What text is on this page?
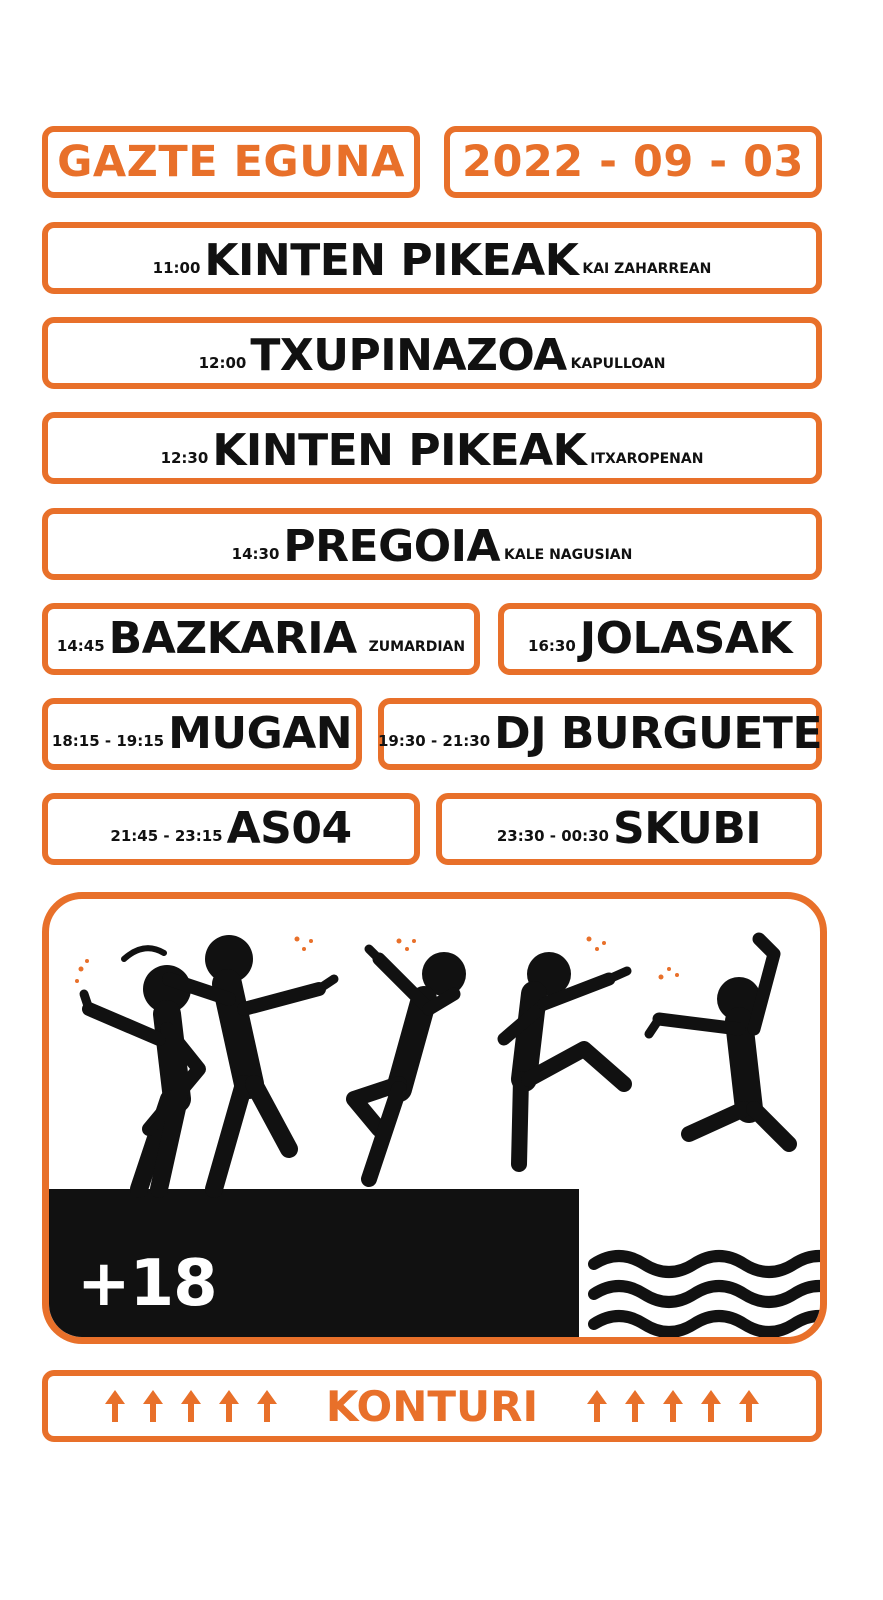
GAZTE EGUNA 2022 - 09 - 03
11:00 KINTEN PIKEAK KAI ZAHARREAN
12:00 TXUPINAZOA KAPULLOAN
12:30 KINTEN PIKEAK ITXAROPENAN
14:30 PREGOIA KALE NAGUSIAN
14:45 BAZKARIA ZUMARDIAN	16:30 JOLASAK
18:15 - 19:15 MUGAN 19:30 - 21:30 DJ BURGUETE
21:45 - 23:15 AS04	23:30 - 00:30 SKUBI
+18
KONTURI
